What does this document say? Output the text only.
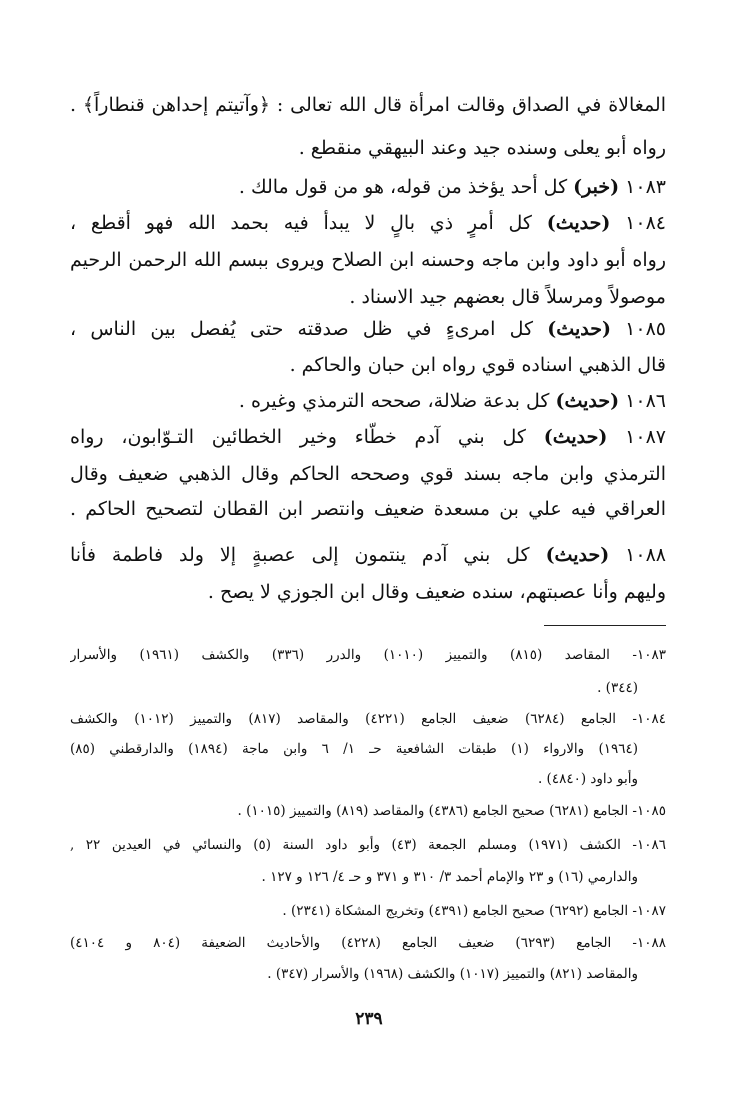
المغالاة في الصداق وقالت امرأة قال الله تعالى : ﴿وآتيتم إحداهن قنطاراً﴾ .
رواه أبو يعلى وسنده جيد وعند البيهقي منقطع .
١٠٨٣ (خبر) كل أحد يؤخذ من قوله، هو من قول مالك .
١٠٨٤ (حديث) كل أمرٍ ذي بالٍ لا يبدأ فيه بحمد الله فهو أقطع ،
رواه أبو داود وابن ماجه وحسنه ابن الصلاح ويروى ببسم الله الرحمن الرحيم
موصولاً ومرسلاً قال بعضهم جيد الاسناد .
١٠٨٥ (حديث) كل امرىءٍ في ظل صدقته حتى يُفصل بين الناس ،
قال الذهبي اسناده قوي رواه ابن حبان والحاكم .
١٠٨٦ (حديث) كل بدعة ضلالة، صححه الترمذي وغيره .
١٠٨٧ (حديث) كل بني آدم خطّاء وخير الخطائين التـوّابون، رواه
الترمذي وابن ماجه بسند قوي وصححه الحاكم وقال الذهبي ضعيف وقال
العراقي فيه علي بن مسعدة ضعيف وانتصر ابن القطان لتصحيح الحاكم .
١٠٨٨ (حديث) كل بني آدم ينتمون إلى عصبةٍ إلا ولد فاطمة فأنا
وليهم وأنا عصبتهم، سنده ضعيف وقال ابن الجوزي لا يصح .
١٠٨٣- المقاصد (٨١٥) والتمييز (١٠١٠) والدرر (٣٣٦) والكشف (١٩٦١) والأسرار
(٣٤٤) .
١٠٨٤- الجامع (٦٢٨٤) ضعيف الجامع (٤٢٢١) والمقاصد (٨١٧) والتمييز (١٠١٢) والكشف
(١٩٦٤) والارواء (١) طبقات الشافعية حـ ١/ ٦ وابن ماجة (١٨٩٤) والدارقطني (٨٥)
وأبو داود (٤٨٤٠) .
١٠٨٥- الجامع (٦٢٨١) صحيح الجامع (٤٣٨٦) والمقاصد (٨١٩) والتمييز (١٠١٥) .
١٠٨٦- الكشف (١٩٧١) ومسلم الجمعة (٤٣) وأبو داود السنة (٥) والنسائي في العيدين ٢٢ ,
والدارمي (١٦) و ٢٣ والإمام أحمد ٣/ ٣١٠ و ٣٧١ و حـ ٤/ ١٢٦ و ١٢٧ .
١٠٨٧- الجامع (٦٢٩٢) صحيح الجامع (٤٣٩١) وتخريج المشكاة (٢٣٤١) .
١٠٨٨- الجامع (٦٢٩٣) ضعيف الجامع (٤٢٢٨) والأحاديث الضعيفة (٨٠٤ و ٤١٠٤)
والمقاصد (٨٢١) والتمييز (١٠١٧) والكشف (١٩٦٨) والأسرار (٣٤٧) .
٢٣٩
